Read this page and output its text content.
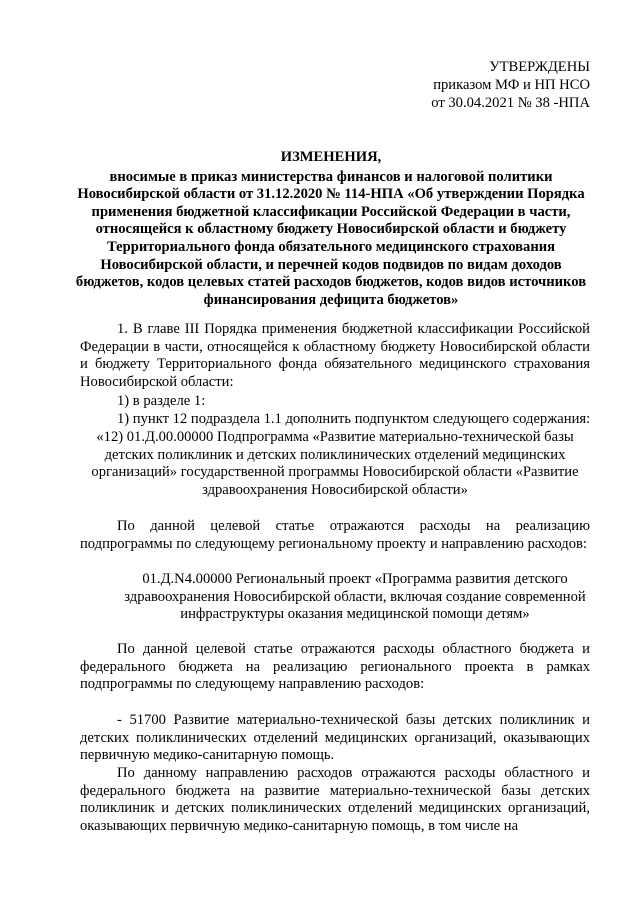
УТВЕРЖДЕНЫ
приказом МФ и НП НСО
от 30.04.2021 № 38 -НПА
ИЗМЕНЕНИЯ,
вносимые в приказ министерства финансов и налоговой политики Новосибирской области от 31.12.2020 № 114-НПА «Об утверждении Порядка применения бюджетной классификации Российской Федерации в части, относящейся к областному бюджету Новосибирской области и бюджету Территориального фонда обязательного медицинского страхования Новосибирской области, и перечней кодов подвидов по видам доходов бюджетов, кодов целевых статей расходов бюджетов, кодов видов источников финансирования дефицита бюджетов»

1. В главе III Порядка применения бюджетной классификации Российской Федерации в части, относящейся к областному бюджету Новосибирской области и бюджету Территориального фонда обязательного медицинского страхования Новосибирской области:

1) в разделе 1:
1) пункт 12 подраздела 1.1 дополнить подпунктом следующего содержания:
«12) 01.Д.00.00000 Подпрограмма «Развитие материально-технической базы детских поликлиник и детских поликлинических отделений медицинских организаций» государственной программы Новосибирской области «Развитие здравоохранения Новосибирской области»

По данной целевой статье отражаются расходы на реализацию подпрограммы по следующему региональному проекту и направлению расходов:

01.Д.N4.00000 Региональный проект «Программа развития детского здравоохранения Новосибирской области, включая создание современной инфраструктуры оказания медицинской помощи детям»

По данной целевой статье отражаются расходы областного бюджета и федерального бюджета на реализацию регионального проекта в рамках подпрограммы по следующему направлению расходов:

- 51700 Развитие материально-технической базы детских поликлиник и детских поликлинических отделений медицинских организаций, оказывающих первичную медико-санитарную помощь.

По данному направлению расходов отражаются расходы областного и федерального бюджета на развитие материально-технической базы детских поликлиник и детских поликлинических отделений медицинских организаций, оказывающих первичную медико-санитарную помощь, в том числе на
